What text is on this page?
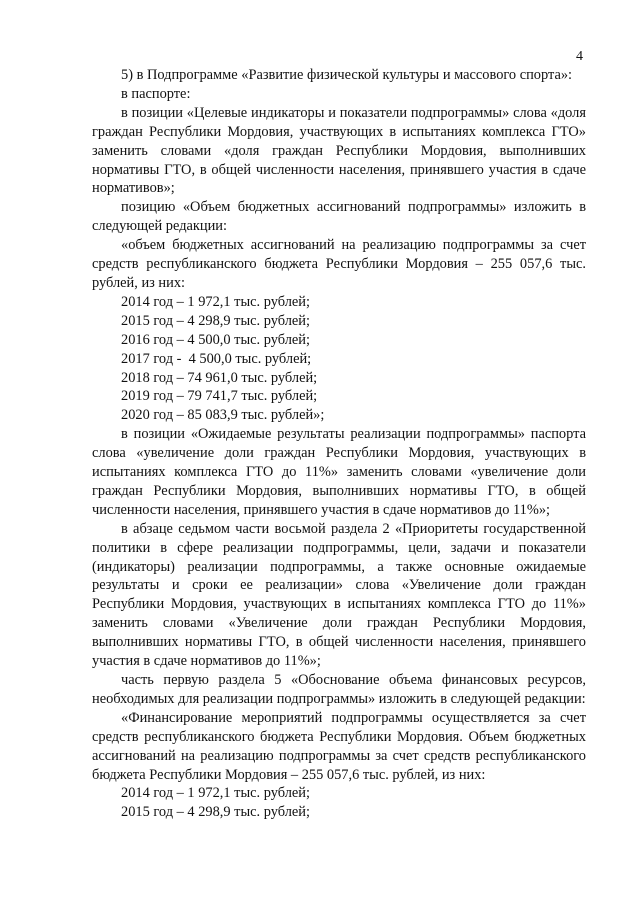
4

5) в Подпрограмме «Развитие физической культуры и массового спорта»:

в паспорте:

в позиции «Целевые индикаторы и показатели подпрограммы» слова «доля граждан Республики Мордовия, участвующих в испытаниях комплекса ГТО» заменить словами «доля граждан Республики Мордовия, выполнивших нормативы ГТО, в общей численности населения, принявшего участия в сдаче нормативов»;

позицию «Объем бюджетных ассигнований подпрограммы» изложить в следующей редакции:

«объем бюджетных ассигнований на реализацию подпрограммы за счет средств республиканского бюджета Республики Мордовия – 255 057,6 тыс. рублей, из них:

2014 год – 1 972,1 тыс. рублей;

2015 год – 4 298,9 тыс. рублей;

2016 год – 4 500,0 тыс. рублей;

2017 год -  4 500,0 тыс. рублей;

2018 год – 74 961,0 тыс. рублей;

2019 год – 79 741,7 тыс. рублей;

2020 год – 85 083,9 тыс. рублей»;

в позиции «Ожидаемые результаты реализации подпрограммы» паспорта слова «увеличение доли граждан Республики Мордовия, участвующих в испытаниях комплекса ГТО до 11%» заменить словами «увеличение доли граждан Республики Мордовия, выполнивших нормативы ГТО, в общей численности населения, принявшего участия в сдаче нормативов до 11%»;

в абзаце седьмом части восьмой раздела 2 «Приоритеты государственной политики в сфере реализации подпрограммы, цели, задачи и показатели (индикаторы) реализации подпрограммы, а также основные ожидаемые результаты и сроки ее реализации» слова «Увеличение доли граждан Республики Мордовия, участвующих в испытаниях комплекса ГТО до 11%» заменить словами «Увеличение доли граждан Республики Мордовия, выполнивших нормативы ГТО, в общей численности населения, принявшего участия в сдаче нормативов до 11%»;

часть первую раздела 5 «Обоснование объема финансовых ресурсов, необходимых для реализации подпрограммы» изложить в следующей редакции:

«Финансирование мероприятий подпрограммы осуществляется за счет средств республиканского бюджета Республики Мордовия. Объем бюджетных ассигнований на реализацию подпрограммы за счет средств республиканского бюджета Республики Мордовия – 255 057,6 тыс. рублей, из них:

2014 год – 1 972,1 тыс. рублей;

2015 год – 4 298,9 тыс. рублей;
